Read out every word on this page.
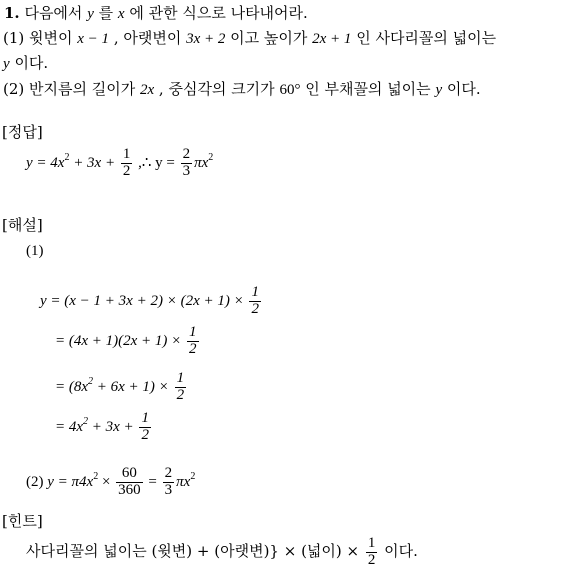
1. 다음에서 y 를 x 에 관한 식으로 나타내어라.
(1) 윗변이 x − 1 , 아랫변이 3x + 2 이고 높이가 2x + 1 인 사다리꼴의 넓이는
y 이다.
(2) 반지름의 길이가 2x , 중심각의 크기가 60° 인 부채꼴의 넓이는 y 이다.
[정답]
$y = 4x^2 + 3x + \frac{1}{2}$ ,∴ $y = \frac{2}{3} \pi x^2$
[해설]
(1)
$y = (x - 1 + 3x + 2) \times (2x + 1) \times \frac{1}{2}$
= $(4x + 1)(2x + 1) \times \frac{1}{2}$
= $(8x^2 + 6x + 1) \times \frac{1}{2}$
= $4x^2 + 3x + \frac{1}{2}$
(2) $y = \pi 4x^2 \times \frac{60}{360} = \frac{2}{3} \pi x^2$
[힌트]
사다리꼴의 넓이는 (윗변) + (아랫변)} × (넓이) × $\frac{1}{2}$ 이다.
